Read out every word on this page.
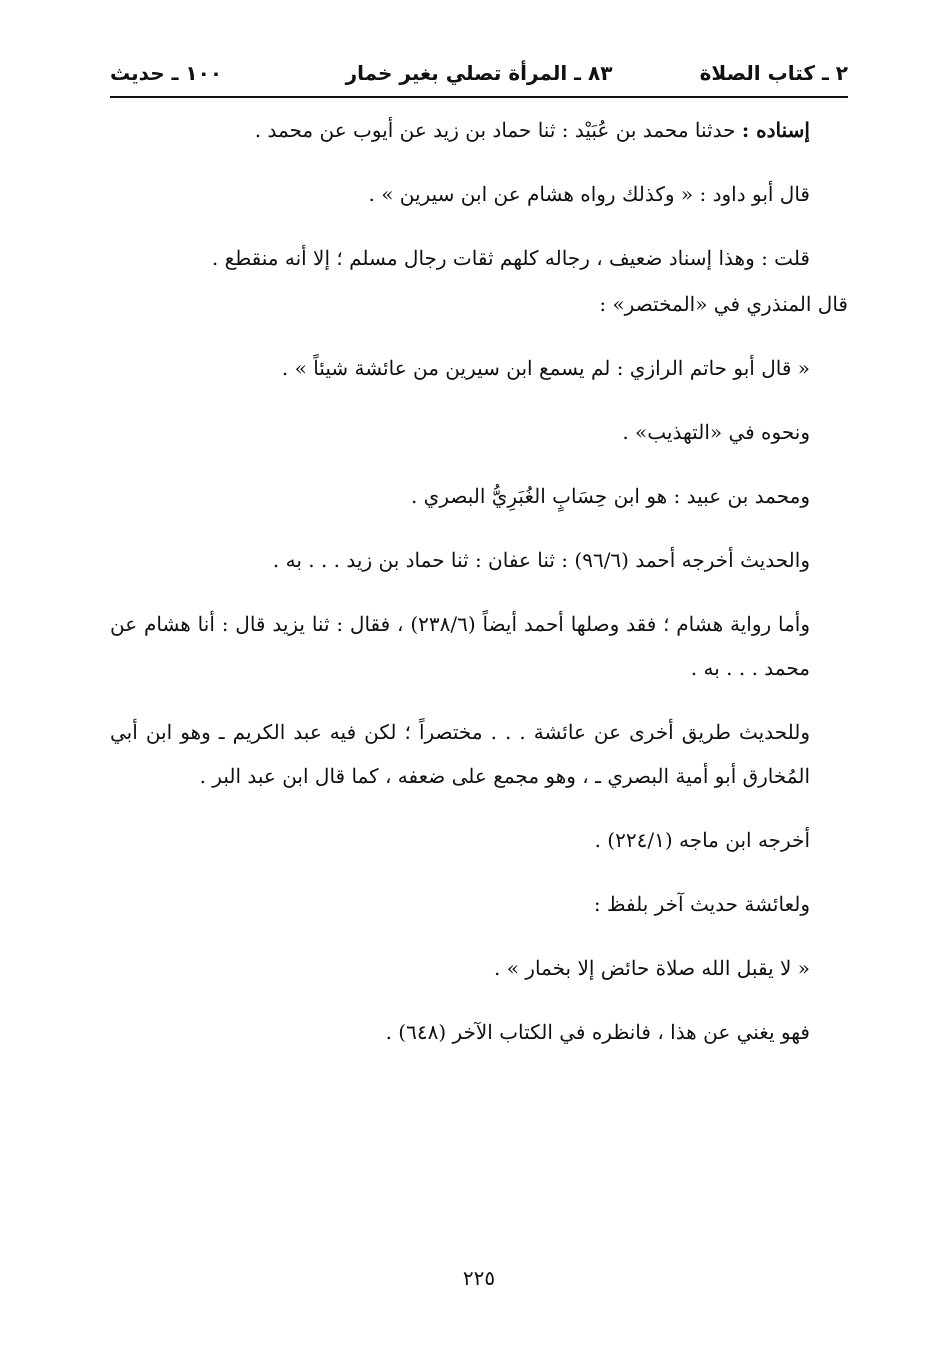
٢ ـ كتاب الصلاة
٨٣ ـ المرأة تصلي بغير خمار
١٠٠ ـ حديث

إسناده : حدثنا محمد بن عُبَيْد : ثنا حماد بن زيد عن أيوب عن محمد .

قال أبو داود : « وكذلك رواه هشام عن ابن سيرين » .

قلت : وهذا إسناد ضعيف ، رجاله كلهم ثقات رجال مسلم ؛ إلا أنه منقطع .

قال المنذري في «المختصر» :

« قال أبو حاتم الرازي : لم يسمع ابن سيرين من عائشة شيئاً » .

ونحوه في «التهذيب» .

ومحمد بن عبيد : هو ابن حِسَابٍ الغُبَرِيُّ البصري .

والحديث أخرجه أحمد (٩٦/٦) : ثنا عفان : ثنا حماد بن زيد . . . به .

وأما رواية هشام ؛ فقد وصلها أحمد أيضاً (٢٣٨/٦) ، فقال : ثنا يزيد قال : أنا هشام عن محمد . . . به .

وللحديث طريق أخرى عن عائشة . . . مختصراً ؛ لكن فيه عبد الكريم ـ وهو ابن أبي المُخارق أبو أمية البصري ـ ، وهو مجمع على ضعفه ، كما قال ابن عبد البر .

أخرجه ابن ماجه (٢٢٤/١) .

ولعائشة حديث آخر بلفظ :

« لا يقبل الله صلاة حائض إلا بخمار » .

فهو يغني عن هذا ، فانظره في الكتاب الآخر (٦٤٨) .

٢٢٥
